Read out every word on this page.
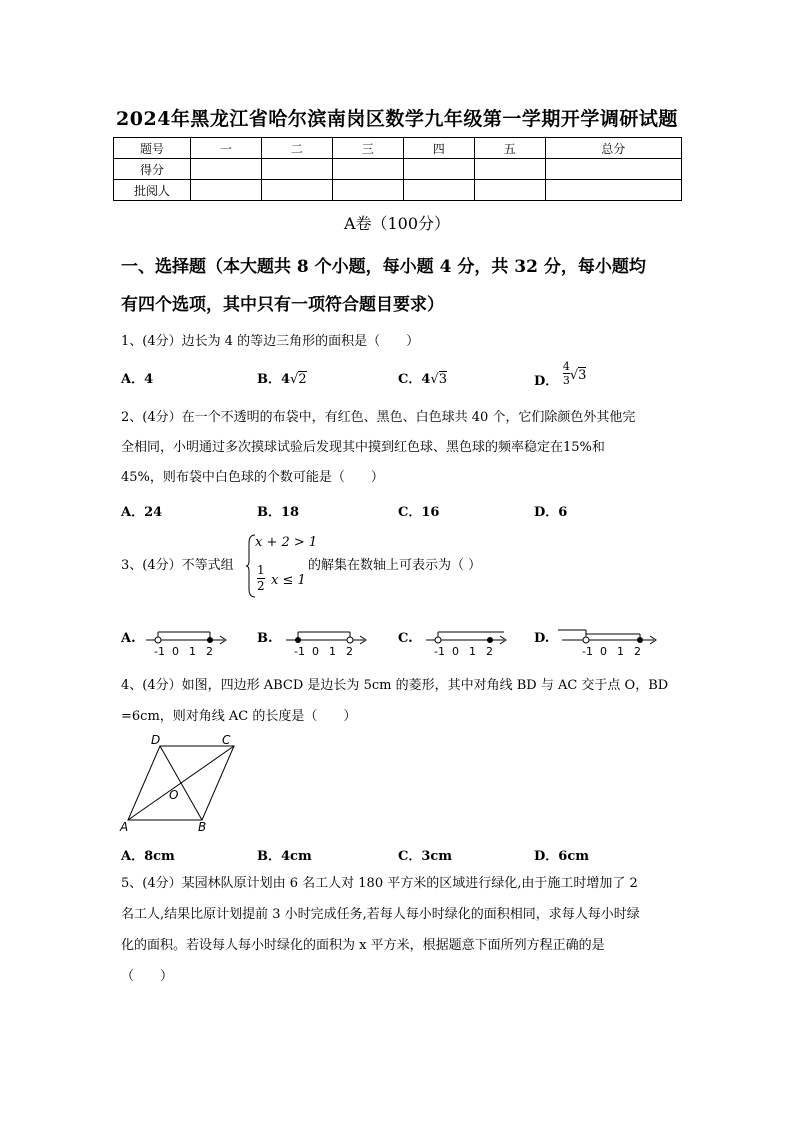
2024年黑龙江省哈尔滨南岗区数学九年级第一学期开学调研试题
题号	一	二	三	四	五	总分
得分						
批阅人						
A卷（100分）
一、选择题（本大题共 8 个小题，每小题 4 分，共 32 分，每小题均
有四个选项，其中只有一项符合题目要求）
1、(4分）边长为 4 的等边三角形的面积是（　　）
A．4	B．4√2	C．4√3	D． $\frac{4}{3} √3$
2、(4分）在一个不透明的布袋中，有红色、黑色、白色球共 40 个，它们除颜色外其他完
全相同，小明通过多次摸球试验后发现其中摸到红色球、黑色球的频率稳定在15%和
45%，则布袋中白色球的个数可能是（　　）
A．24	B．18	C．16	D．6
3、(4分）不等式组
x + 2 > 1
$\frac{1}{2}$ x ≤ 1
的解集在数轴上可表示为（ ）
A.	B.	C.	D.
-1 0 1 2	-1 0 1 2	-1 0 1 2	-1 0 1 2
4、(4分）如图，四边形 ABCD 是边长为 5cm 的菱形，其中对角线 BD 与 AC 交于点 O，BD
=6cm，则对角线 AC 的长度是（　　）
A	B
C
D
O
A．8cm	B．4cm	C．3cm	D．6cm
5、(4分）某园林队原计划由 6 名工人对 180 平方米的区域进行绿化,由于施工时增加了 2
名工人,结果比原计划提前 3 小时完成任务,若每人每小时绿化的面积相同，求每人每小时绿
化的面积。若设每人每小时绿化的面积为 x 平方米，根据题意下面所列方程正确的是
（　　）
